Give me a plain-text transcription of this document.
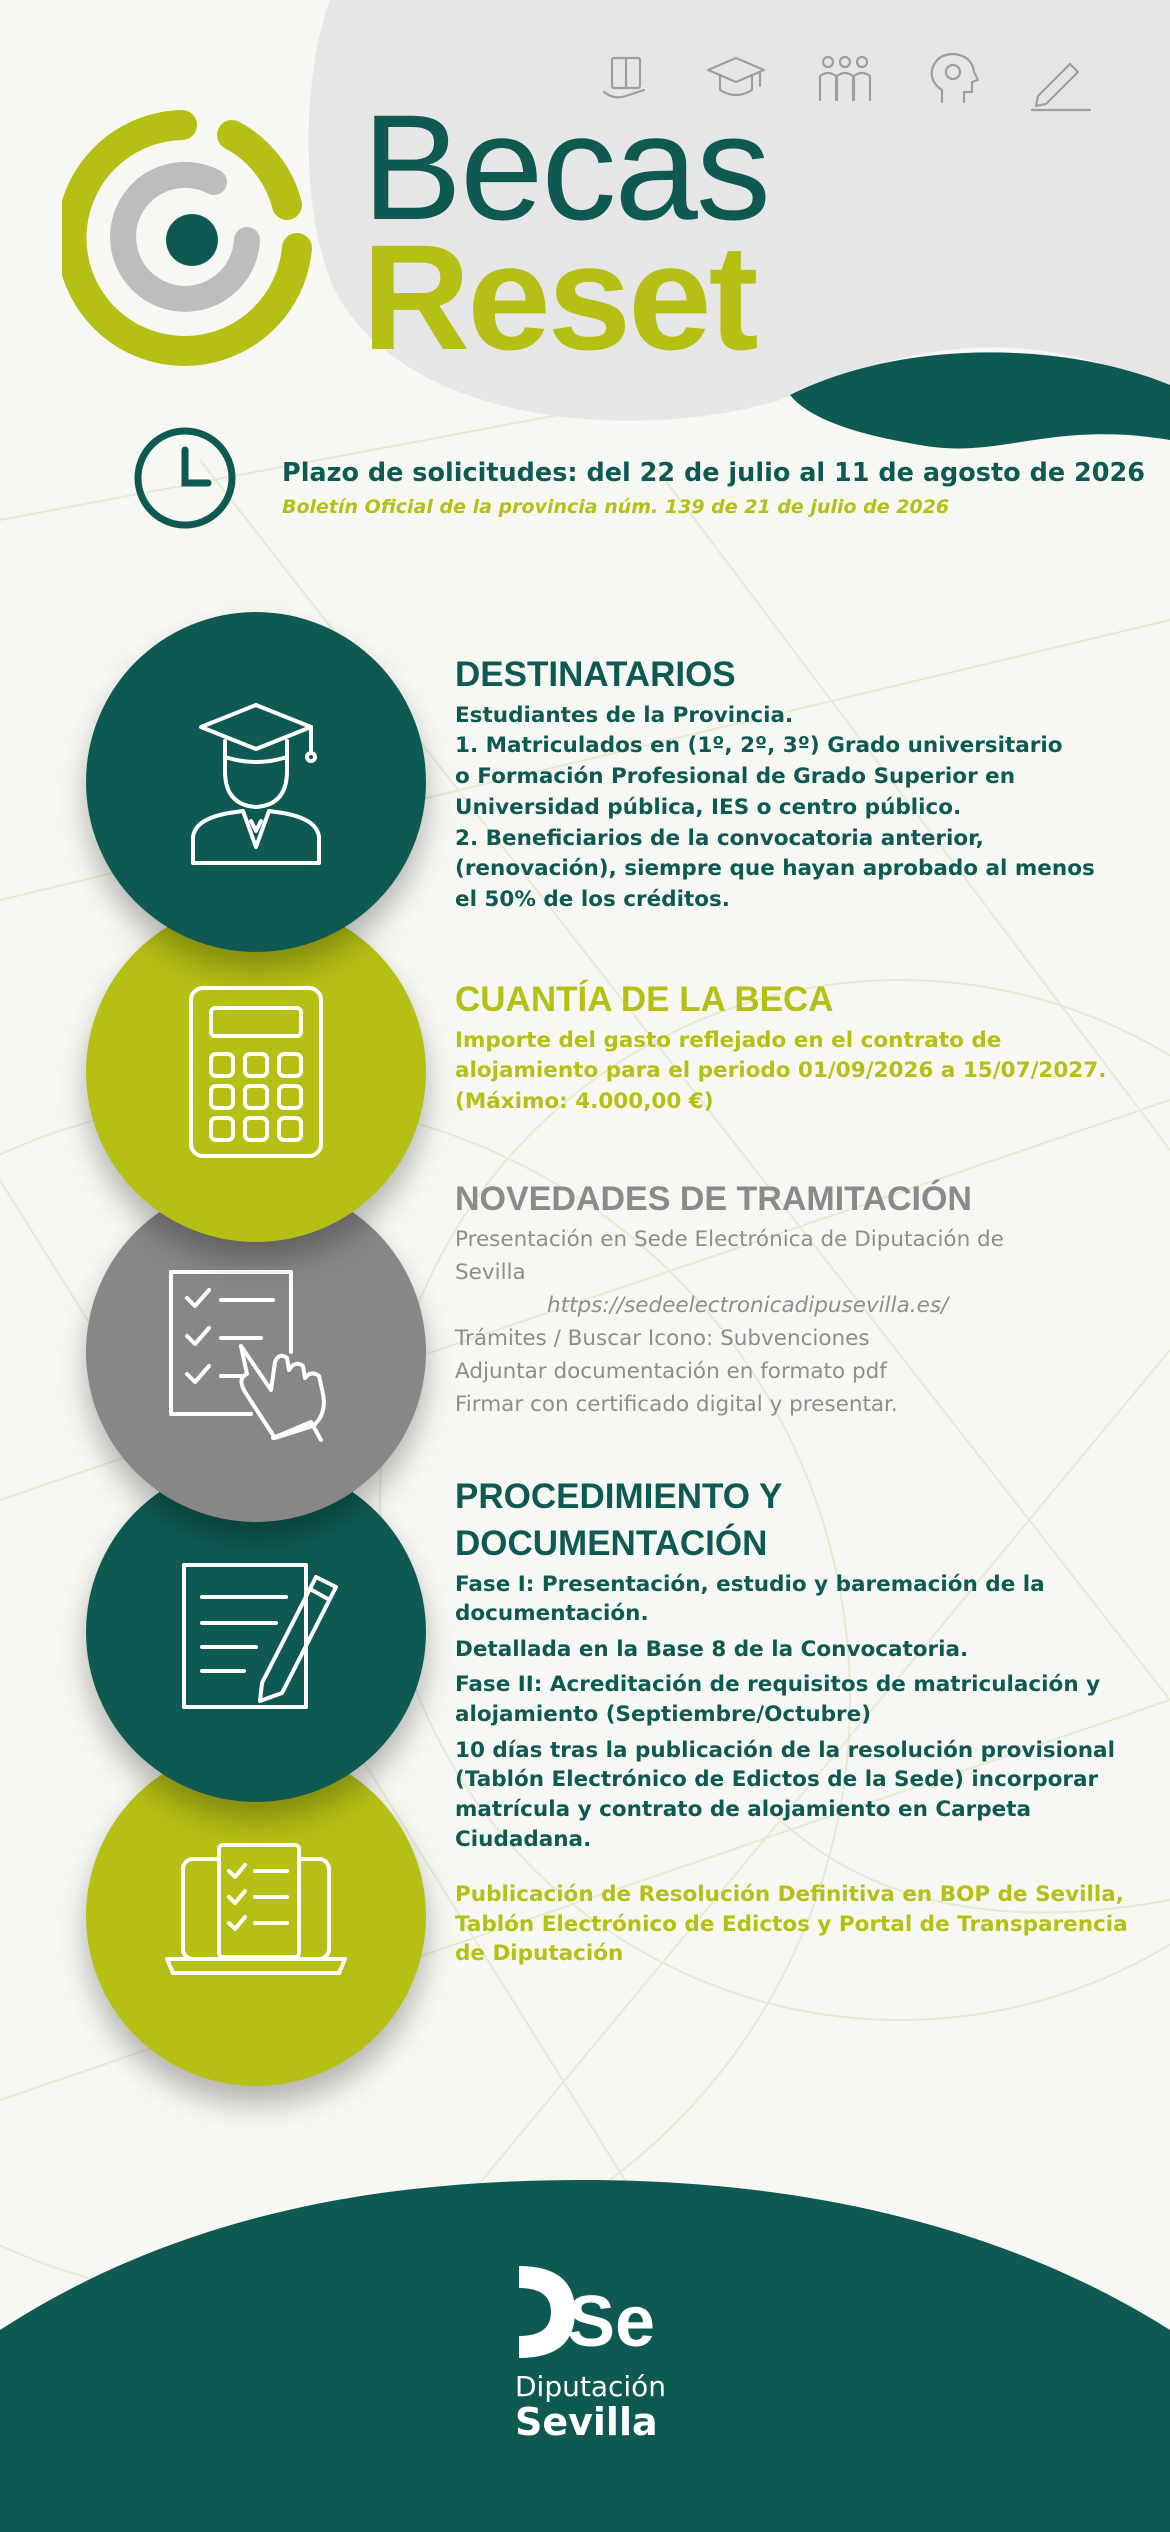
Becas
Reset
Plazo de solicitudes: del 22 de julio al 11 de agosto de 2026
Boletín Oficial de la provincia núm. 139 de 21 de julio de 2026
DESTINATARIOS
Estudiantes de la Provincia.
1. Matriculados en (1º, 2º, 3º) Grado universitario
o Formación Profesional de Grado Superior en
Universidad pública, IES o centro público.
2. Beneficiarios de la convocatoria anterior,
(renovación), siempre que hayan aprobado al menos
el 50% de los créditos.
CUANTÍA DE LA BECA
Importe del gasto reflejado en el contrato de
alojamiento para el periodo 01/09/2026 a 15/07/2027.
(Máximo: 4.000,00 €)
NOVEDADES DE TRAMITACIÓN
Presentación en Sede Electrónica de Diputación de
Sevilla
https://sedeelectronicadipusevilla.es/
Trámites / Buscar Icono: Subvenciones
Adjuntar documentación en formato pdf
Firmar con certificado digital y presentar.
PROCEDIMIENTO Y
DOCUMENTACIÓN
Fase I: Presentación, estudio y baremación de la
documentación.
Detallada en la Base 8 de la Convocatoria.
Fase II: Acreditación de requisitos de matriculación y
alojamiento (Septiembre/Octubre)
10 días tras la publicación de la resolución provisional
(Tablón Electrónico de Edictos de la Sede) incorporar
matrícula y contrato de alojamiento en Carpeta
Ciudadana.
Publicación de Resolución Definitiva en BOP de Sevilla,
Tablón Electrónico de Edictos y Portal de Transparencia
de Diputación
Se
Diputación
Sevilla
